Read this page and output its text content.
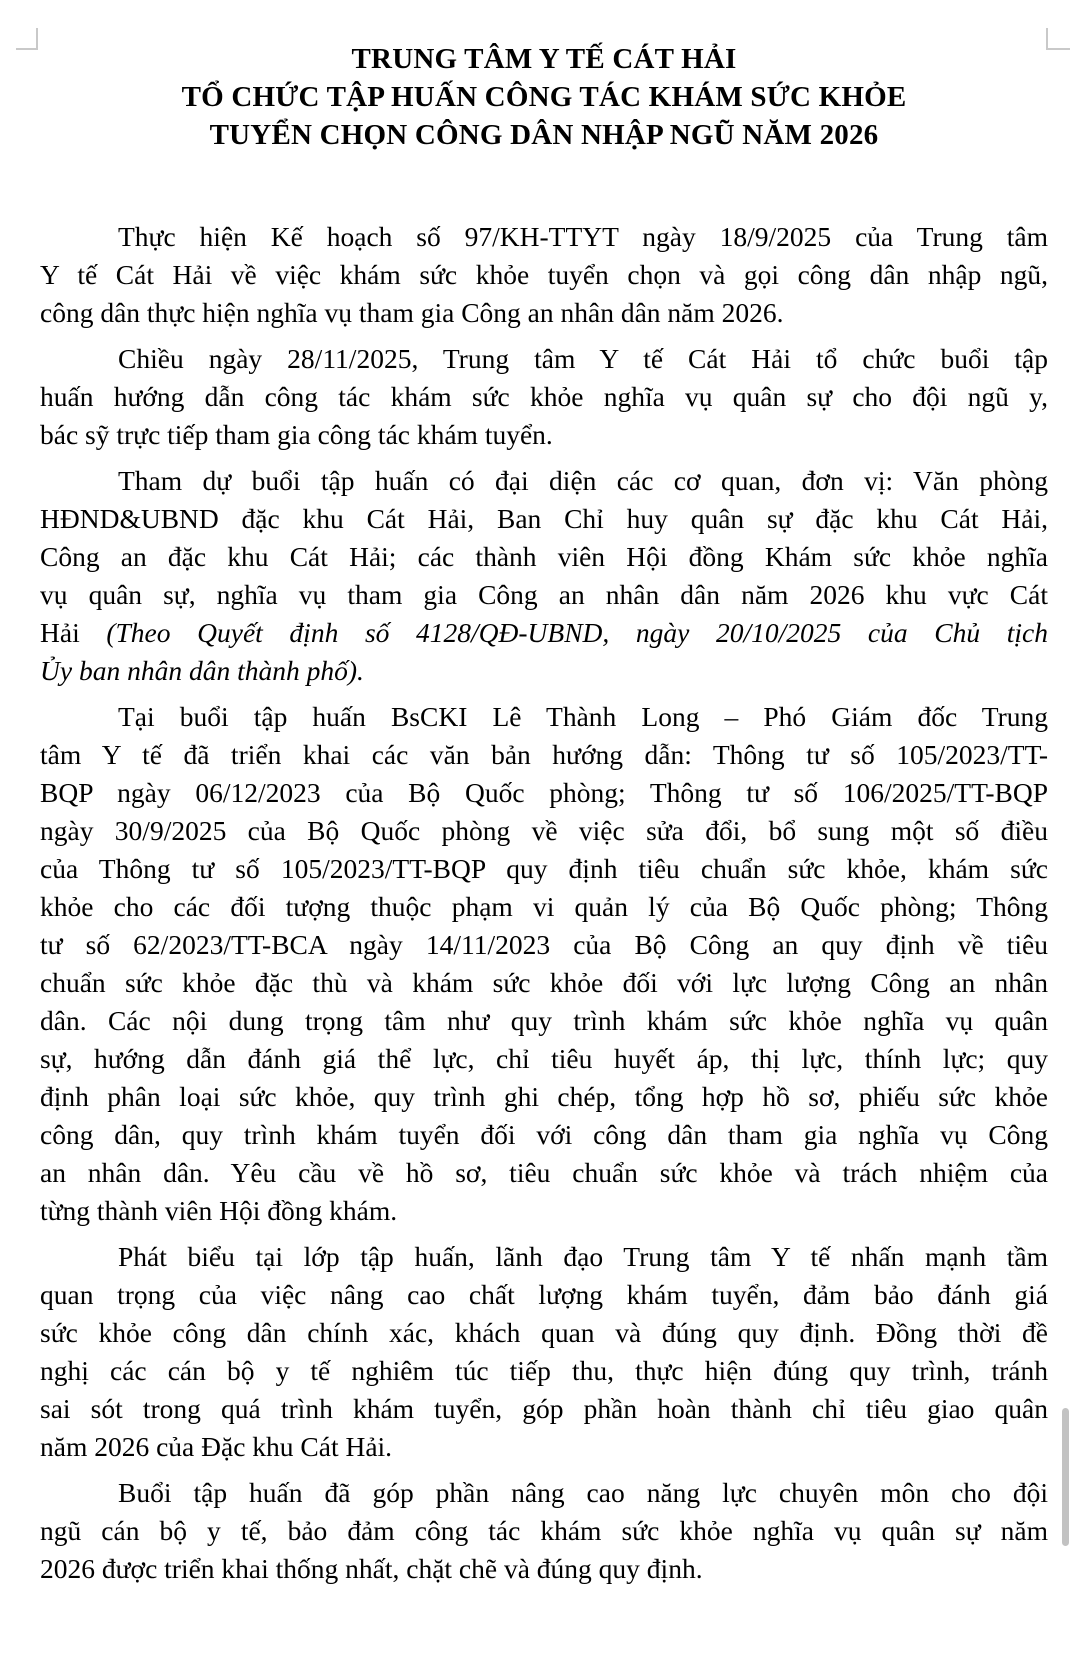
TRUNG TÂM Y TẾ CÁT HẢI
TỔ CHỨC TẬP HUẤN CÔNG TÁC KHÁM SỨC KHỎE
TUYỂN CHỌN CÔNG DÂN NHẬP NGŨ NĂM 2026

Thực hiện Kế hoạch số 97/KH-TTYT ngày 18/9/2025 của Trung tâm
Y tế Cát Hải về việc khám sức khỏe tuyển chọn và gọi công dân nhập ngũ,
công dân thực hiện nghĩa vụ tham gia Công an nhân dân năm 2026.

Chiều ngày 28/11/2025, Trung tâm Y tế Cát Hải tổ chức buổi tập
huấn hướng dẫn công tác khám sức khỏe nghĩa vụ quân sự cho đội ngũ y,
bác sỹ trực tiếp tham gia công tác khám tuyển.

Tham dự buổi tập huấn có đại diện các cơ quan, đơn vị: Văn phòng
HĐND&UBND đặc khu Cát Hải, Ban Chỉ huy quân sự đặc khu Cát Hải,
Công an đặc khu Cát Hải; các thành viên Hội đồng Khám sức khỏe nghĩa
vụ quân sự, nghĩa vụ tham gia Công an nhân dân năm 2026 khu vực Cát
Hải (Theo Quyết định số 4128/QĐ-UBND, ngày 20/10/2025 của Chủ tịch
Ủy ban nhân dân thành phố).

Tại buổi tập huấn BsCKI Lê Thành Long – Phó Giám đốc Trung
tâm Y tế đã triển khai các văn bản hướng dẫn: Thông tư số 105/2023/TT-
BQP ngày 06/12/2023 của Bộ Quốc phòng; Thông tư số 106/2025/TT-BQP
ngày 30/9/2025 của Bộ Quốc phòng về việc sửa đổi, bổ sung một số điều
của Thông tư số 105/2023/TT-BQP quy định tiêu chuẩn sức khỏe, khám sức
khỏe cho các đối tượng thuộc phạm vi quản lý của Bộ Quốc phòng; Thông
tư số 62/2023/TT-BCA ngày 14/11/2023 của Bộ Công an quy định về tiêu
chuẩn sức khỏe đặc thù và khám sức khỏe đối với lực lượng Công an nhân
dân. Các nội dung trọng tâm như quy trình khám sức khỏe nghĩa vụ quân
sự, hướng dẫn đánh giá thể lực, chỉ tiêu huyết áp, thị lực, thính lực; quy
định phân loại sức khỏe, quy trình ghi chép, tổng hợp hồ sơ, phiếu sức khỏe
công dân, quy trình khám tuyển đối với công dân tham gia nghĩa vụ Công
an nhân dân. Yêu cầu về hồ sơ, tiêu chuẩn sức khỏe và trách nhiệm của
từng thành viên Hội đồng khám.

Phát biểu tại lớp tập huấn, lãnh đạo Trung tâm Y tế nhấn mạnh tầm
quan trọng của việc nâng cao chất lượng khám tuyển, đảm bảo đánh giá
sức khỏe công dân chính xác, khách quan và đúng quy định. Đồng thời đề
nghị các cán bộ y tế nghiêm túc tiếp thu, thực hiện đúng quy trình, tránh
sai sót trong quá trình khám tuyển, góp phần hoàn thành chỉ tiêu giao quân
năm 2026 của Đặc khu Cát Hải.

Buổi tập huấn đã góp phần nâng cao năng lực chuyên môn cho đội
ngũ cán bộ y tế, bảo đảm công tác khám sức khỏe nghĩa vụ quân sự năm
2026 được triển khai thống nhất, chặt chẽ và đúng quy định.
